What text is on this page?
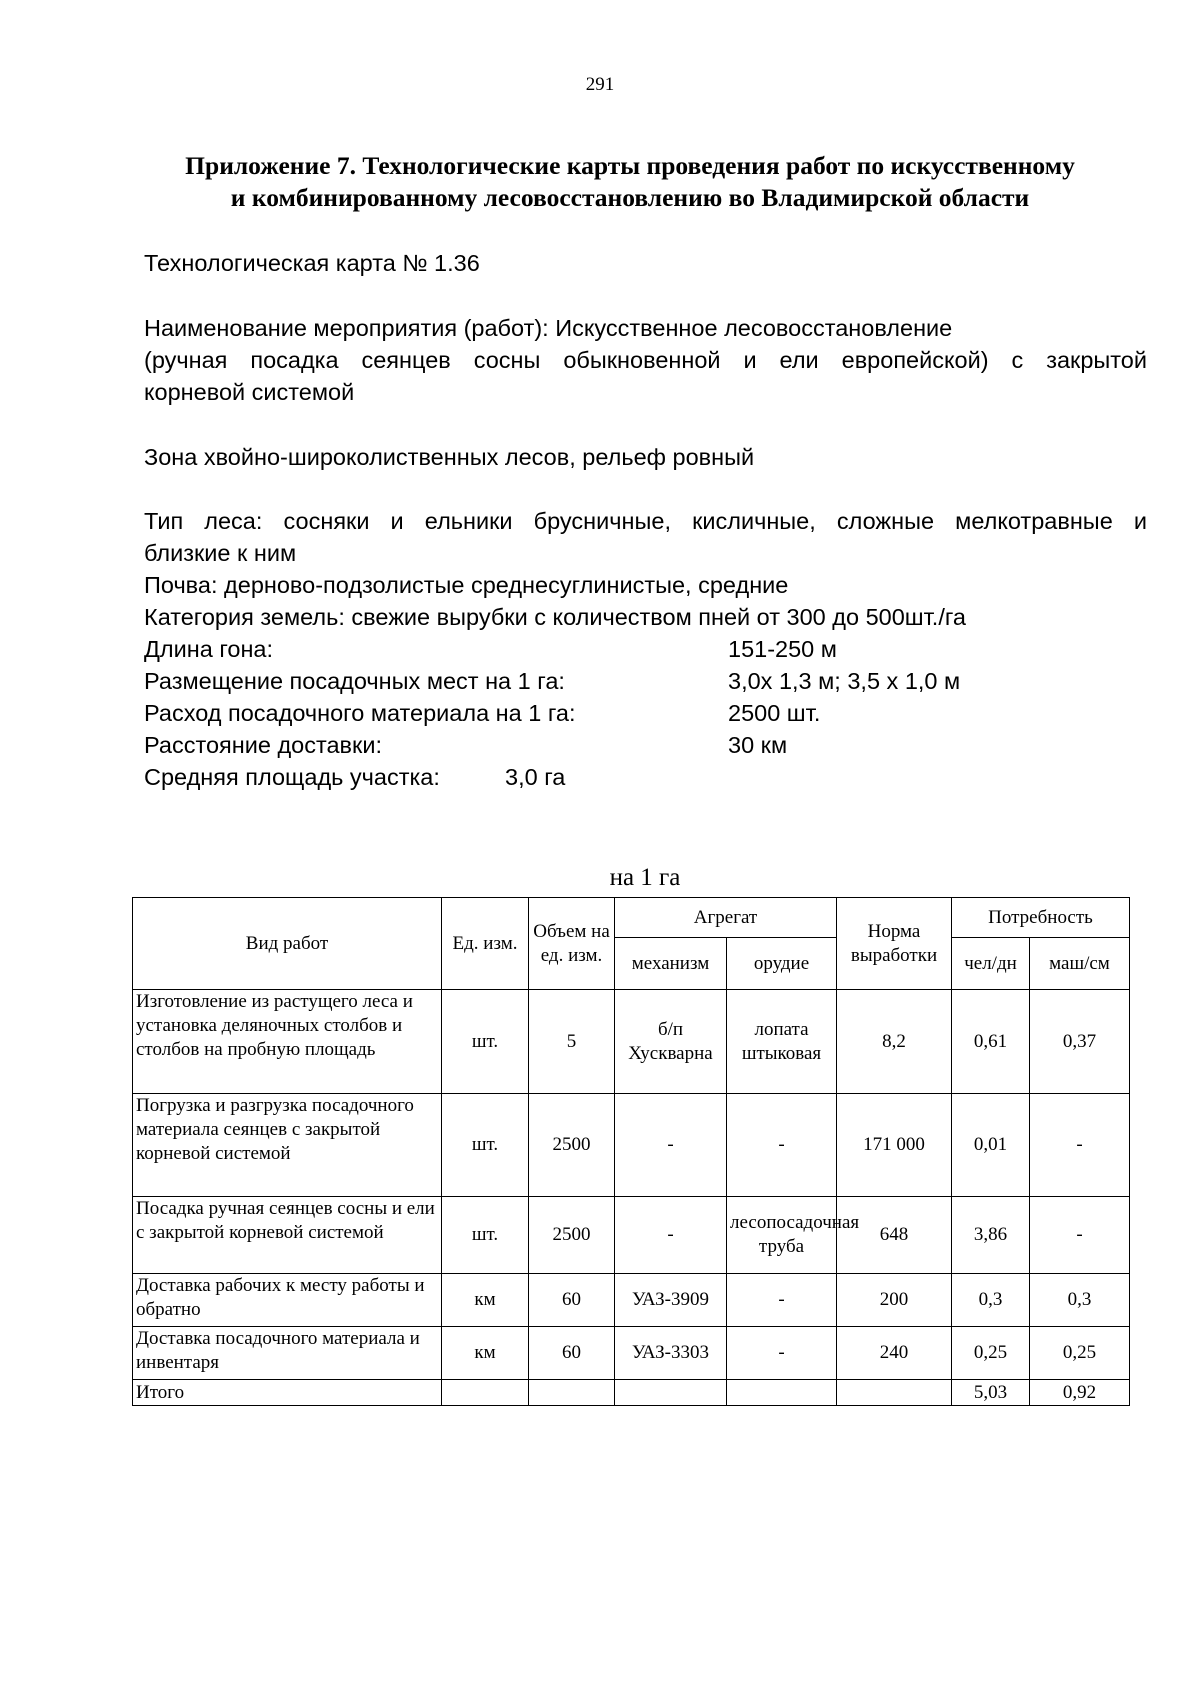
291
Приложение 7. Технологические карты проведения работ по искусственному
и комбинированному лесовосстановлению во Владимирской области
Технологическая карта № 1.36
Наименование мероприятия (работ): Искусственное лесовосстановление
(ручная посадка сеянцев сосны обыкновенной и ели европейской) с закрытой
корневой системой
Зона хвойно-широколиственных лесов, рельеф ровный
Тип леса: сосняки и ельники брусничные, кисличные, сложные мелкотравные и
близкие к ним
Почва: дерново-подзолистые среднесуглинистые, средние
Категория земель: свежие вырубки с количеством пней от 300 до 500шт./га
Длина гона:	151-250 м
Размещение посадочных мест на 1 га:	3,0х 1,3 м; 3,5 х 1,0 м
Расход посадочного материала на 1 га:	2500 шт.
Расстояние доставки:	30 км
Средняя площадь участка:	3,0 га
на 1 га
Вид работ	Ед. изм.	Объем на ед. изм.	Агрегат		Норма выработки	Потребность	
			механизм	орудие		чел/дн	маш/см
Изготовление из растущего леса и установка деляночных столбов и столбов на пробную площадь	шт.	5	б/п Хускварна	лопата штыковая	8,2	0,61	0,37
Погрузка и разгрузка посадочного материала сеянцев с закрытой корневой системой	шт.	2500	-	-	171 000	0,01	-
Посадка ручная сеянцев сосны и ели с закрытой корневой системой	шт.	2500	-	лесопосадочная труба	648	3,86	-
Доставка рабочих к месту работы и обратно	км	60	УАЗ-3909	-	200	0,3	0,3
Доставка посадочного материала и инвентаря	км	60	УАЗ-3303	-	240	0,25	0,25
Итого						5,03	0,92
